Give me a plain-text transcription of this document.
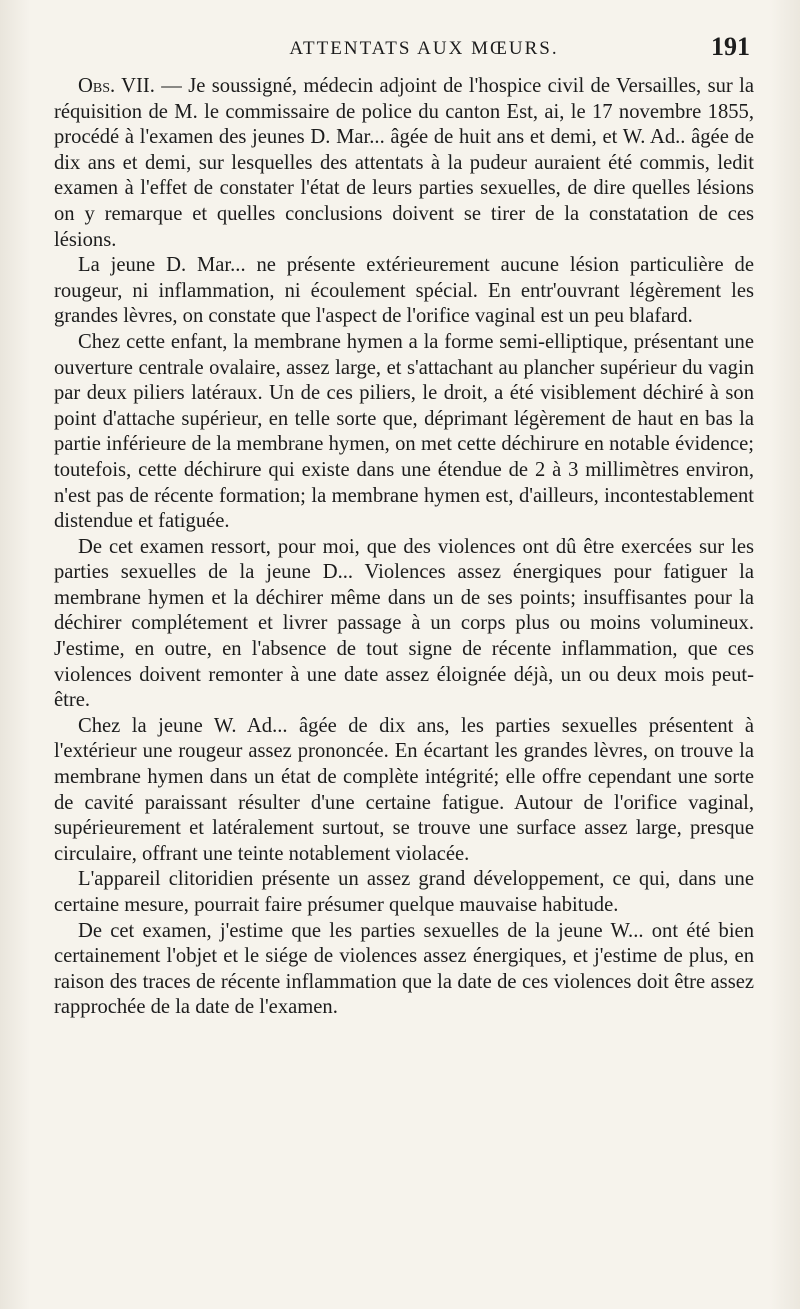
ATTENTATS AUX MŒURS.	191

Obs. VII. — Je soussigné, médecin adjoint de l'hospice civil de Versailles, sur la réquisition de M. le commissaire de police du canton Est, ai, le 17 novembre 1855, procédé à l'examen des jeunes D. Mar... âgée de huit ans et demi, et W. Ad.. âgée de dix ans et demi, sur lesquelles des attentats à la pudeur auraient été commis, ledit examen à l'effet de constater l'état de leurs parties sexuelles, de dire quelles lésions on y remarque et quelles conclusions doivent se tirer de la constatation de ces lésions.

La jeune D. Mar... ne présente extérieurement aucune lésion particulière de rougeur, ni inflammation, ni écoulement spécial. En entr'ouvrant légèrement les grandes lèvres, on constate que l'aspect de l'orifice vaginal est un peu blafard.

Chez cette enfant, la membrane hymen a la forme semi-elliptique, présentant une ouverture centrale ovalaire, assez large, et s'attachant au plancher supérieur du vagin par deux piliers latéraux. Un de ces piliers, le droit, a été visiblement déchiré à son point d'attache supérieur, en telle sorte que, déprimant légèrement de haut en bas la partie inférieure de la membrane hymen, on met cette déchirure en notable évidence; toutefois, cette déchirure qui existe dans une étendue de 2 à 3 millimètres environ, n'est pas de récente formation; la membrane hymen est, d'ailleurs, incontestablement distendue et fatiguée.

De cet examen ressort, pour moi, que des violences ont dû être exercées sur les parties sexuelles de la jeune D... Violences assez énergiques pour fatiguer la membrane hymen et la déchirer même dans un de ses points; insuffisantes pour la déchirer complétement et livrer passage à un corps plus ou moins volumineux. J'estime, en outre, en l'absence de tout signe de récente inflammation, que ces violences doivent remonter à une date assez éloignée déjà, un ou deux mois peut-être.

Chez la jeune W. Ad... âgée de dix ans, les parties sexuelles présentent à l'extérieur une rougeur assez prononcée. En écartant les grandes lèvres, on trouve la membrane hymen dans un état de complète intégrité; elle offre cependant une sorte de cavité paraissant résulter d'une certaine fatigue. Autour de l'orifice vaginal, supérieurement et latéralement surtout, se trouve une surface assez large, presque circulaire, offrant une teinte notablement violacée.

L'appareil clitoridien présente un assez grand développement, ce qui, dans une certaine mesure, pourrait faire présumer quelque mauvaise habitude.

De cet examen, j'estime que les parties sexuelles de la jeune W... ont été bien certainement l'objet et le siége de violences assez énergiques, et j'estime de plus, en raison des traces de récente inflammation que la date de ces violences doit être assez rapprochée de la date de l'examen.
